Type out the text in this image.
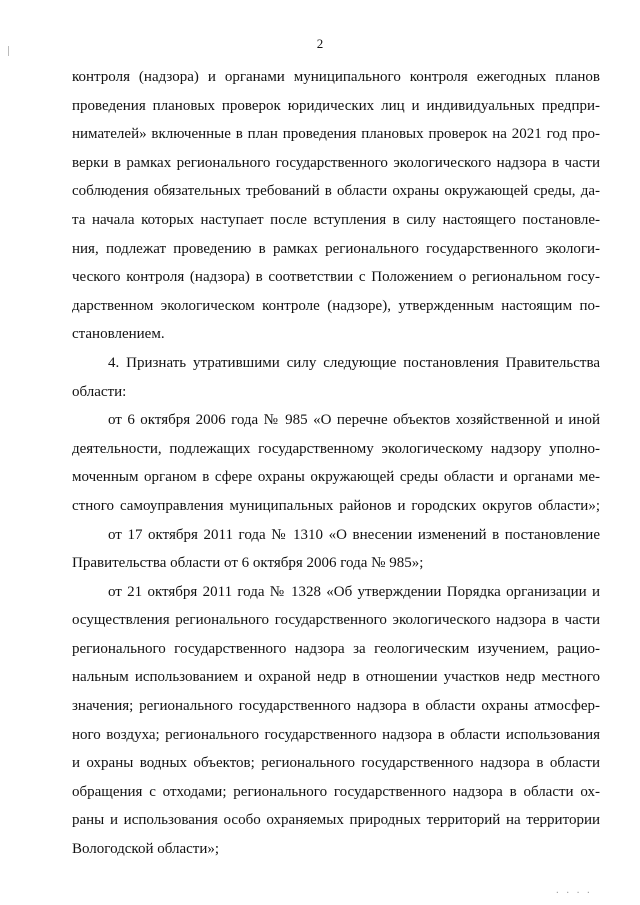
2
контроля (надзора) и органами муниципального контроля ежегодных планов
проведения плановых проверок юридических лиц и индивидуальных предпри-
нимателей» включенные в план проведения плановых проверок на 2021 год про-
верки в рамках регионального государственного экологического надзора в части
соблюдения обязательных требований в области охраны окружающей среды, да-
та начала которых наступает после вступления в силу настоящего постановле-
ния, подлежат проведению в рамках регионального государственного экологи-
ческого контроля (надзора) в соответствии с Положением о региональном госу-
дарственном экологическом контроле (надзоре), утвержденным настоящим по-
становлением.
4. Признать утратившими силу следующие постановления Правительства
области:
от 6 октября 2006 года № 985 «О перечне объектов хозяйственной и иной
деятельности, подлежащих государственному экологическому надзору уполно-
моченным органом в сфере охраны окружающей среды области и органами ме-
стного самоуправления муниципальных районов и городских округов области»;
от 17 октября 2011 года № 1310 «О внесении изменений в постановление
Правительства области от 6 октября 2006 года № 985»;
от 21 октября 2011 года № 1328 «Об утверждении Порядка организации и
осуществления регионального государственного экологического надзора в части
регионального государственного надзора за геологическим изучением, рацио-
нальным использованием и охраной недр в отношении участков недр местного
значения; регионального государственного надзора в области охраны атмосфер-
ного воздуха; регионального государственного надзора в области использования
и охраны водных объектов; регионального государственного надзора в области
обращения с отходами; регионального государственного надзора в области ох-
раны и использования особо охраняемых природных территорий на территории
Вологодской области»;
· · · ·
